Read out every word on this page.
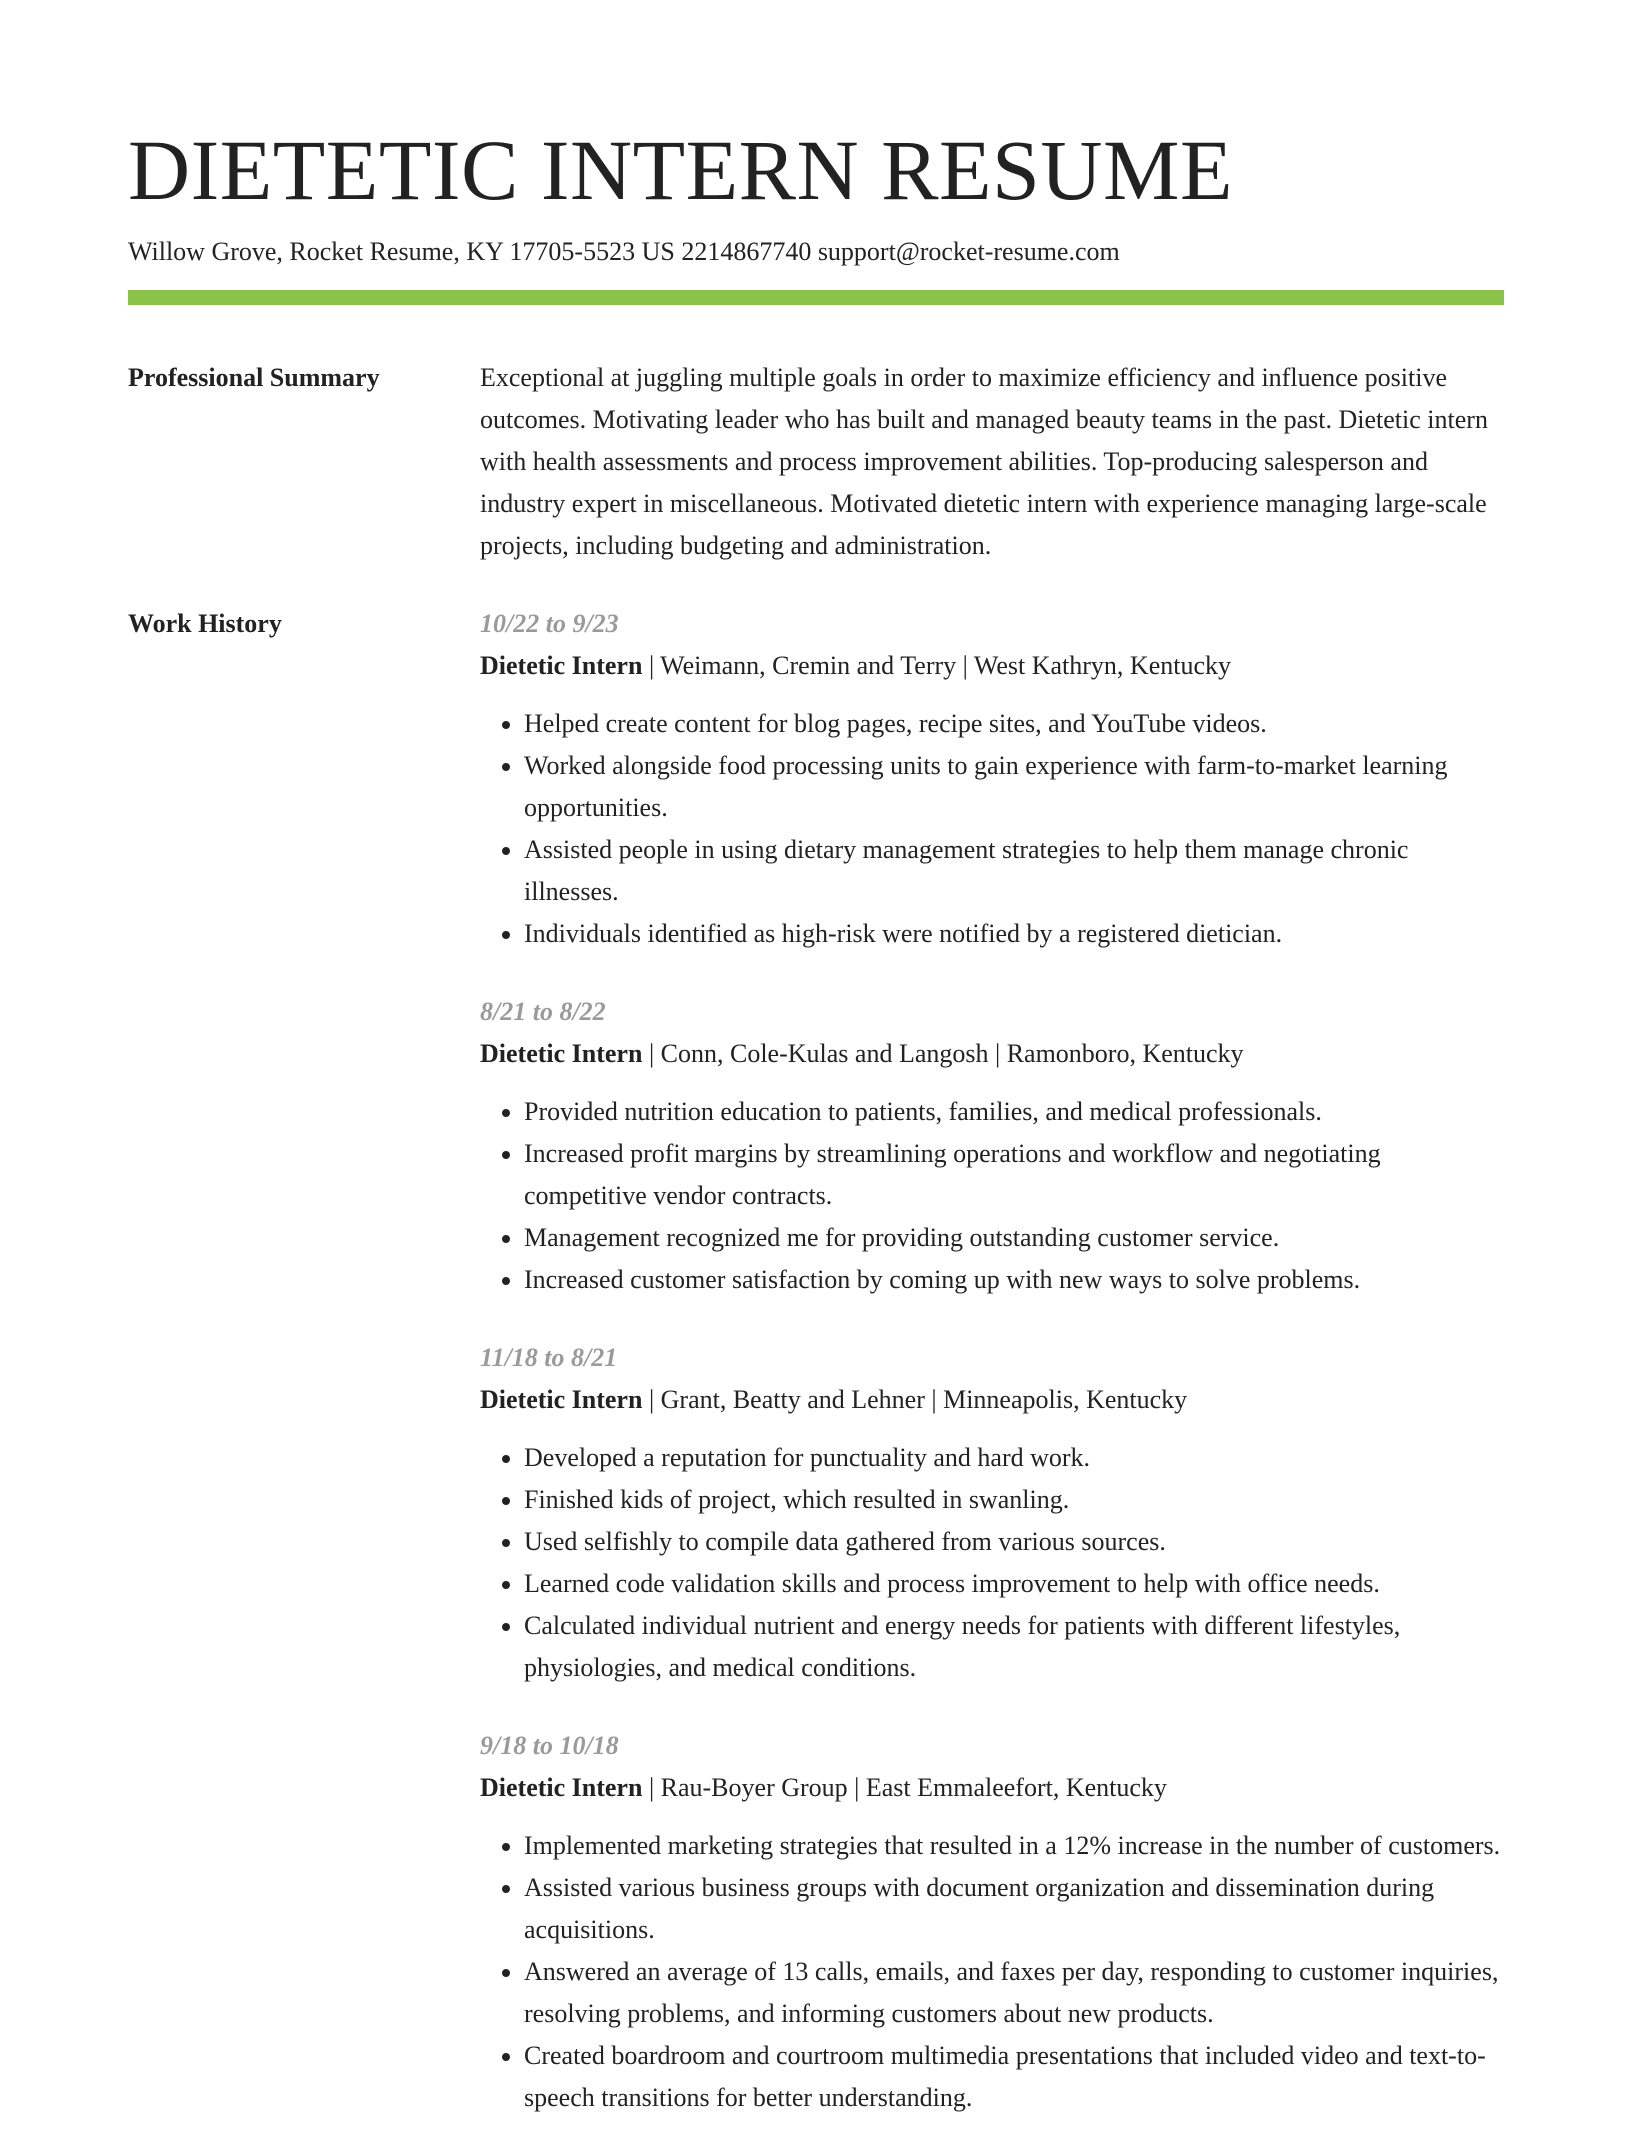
DIETETIC INTERN RESUME
Willow Grove, Rocket Resume, KY 17705-5523 US 2214867740 support@rocket-resume.com
Professional Summary	Exceptional at juggling multiple goals in order to maximize efficiency and influence positive outcomes. Motivating leader who has built and managed beauty teams in the past. Dietetic intern with health assessments and process improvement abilities. Top-producing salesperson and industry expert in miscellaneous. Motivated dietetic intern with experience managing large-scale projects, including budgeting and administration.

Work History	10/22 to 9/23
Dietetic Intern | Weimann, Cremin and Terry | West Kathryn, Kentucky
• Helped create content for blog pages, recipe sites, and YouTube videos.
• Worked alongside food processing units to gain experience with farm-to-market learning opportunities.
• Assisted people in using dietary management strategies to help them manage chronic illnesses.
• Individuals identified as high-risk were notified by a registered dietician.
8/21 to 8/22
Dietetic Intern | Conn, Cole-Kulas and Langosh | Ramonboro, Kentucky
• Provided nutrition education to patients, families, and medical professionals.
• Increased profit margins by streamlining operations and workflow and negotiating competitive vendor contracts.
• Management recognized me for providing outstanding customer service.
• Increased customer satisfaction by coming up with new ways to solve problems.
11/18 to 8/21
Dietetic Intern | Grant, Beatty and Lehner | Minneapolis, Kentucky
• Developed a reputation for punctuality and hard work.
• Finished kids of project, which resulted in swanling.
• Used selfishly to compile data gathered from various sources.
• Learned code validation skills and process improvement to help with office needs.
• Calculated individual nutrient and energy needs for patients with different lifestyles, physiologies, and medical conditions.
9/18 to 10/18
Dietetic Intern | Rau-Boyer Group | East Emmaleefort, Kentucky
• Implemented marketing strategies that resulted in a 12% increase in the number of customers.
• Assisted various business groups with document organization and dissemination during acquisitions.
• Answered an average of 13 calls, emails, and faxes per day, responding to customer inquiries, resolving problems, and informing customers about new products.
• Created boardroom and courtroom multimedia presentations that included video and text-to-speech transitions for better understanding.
